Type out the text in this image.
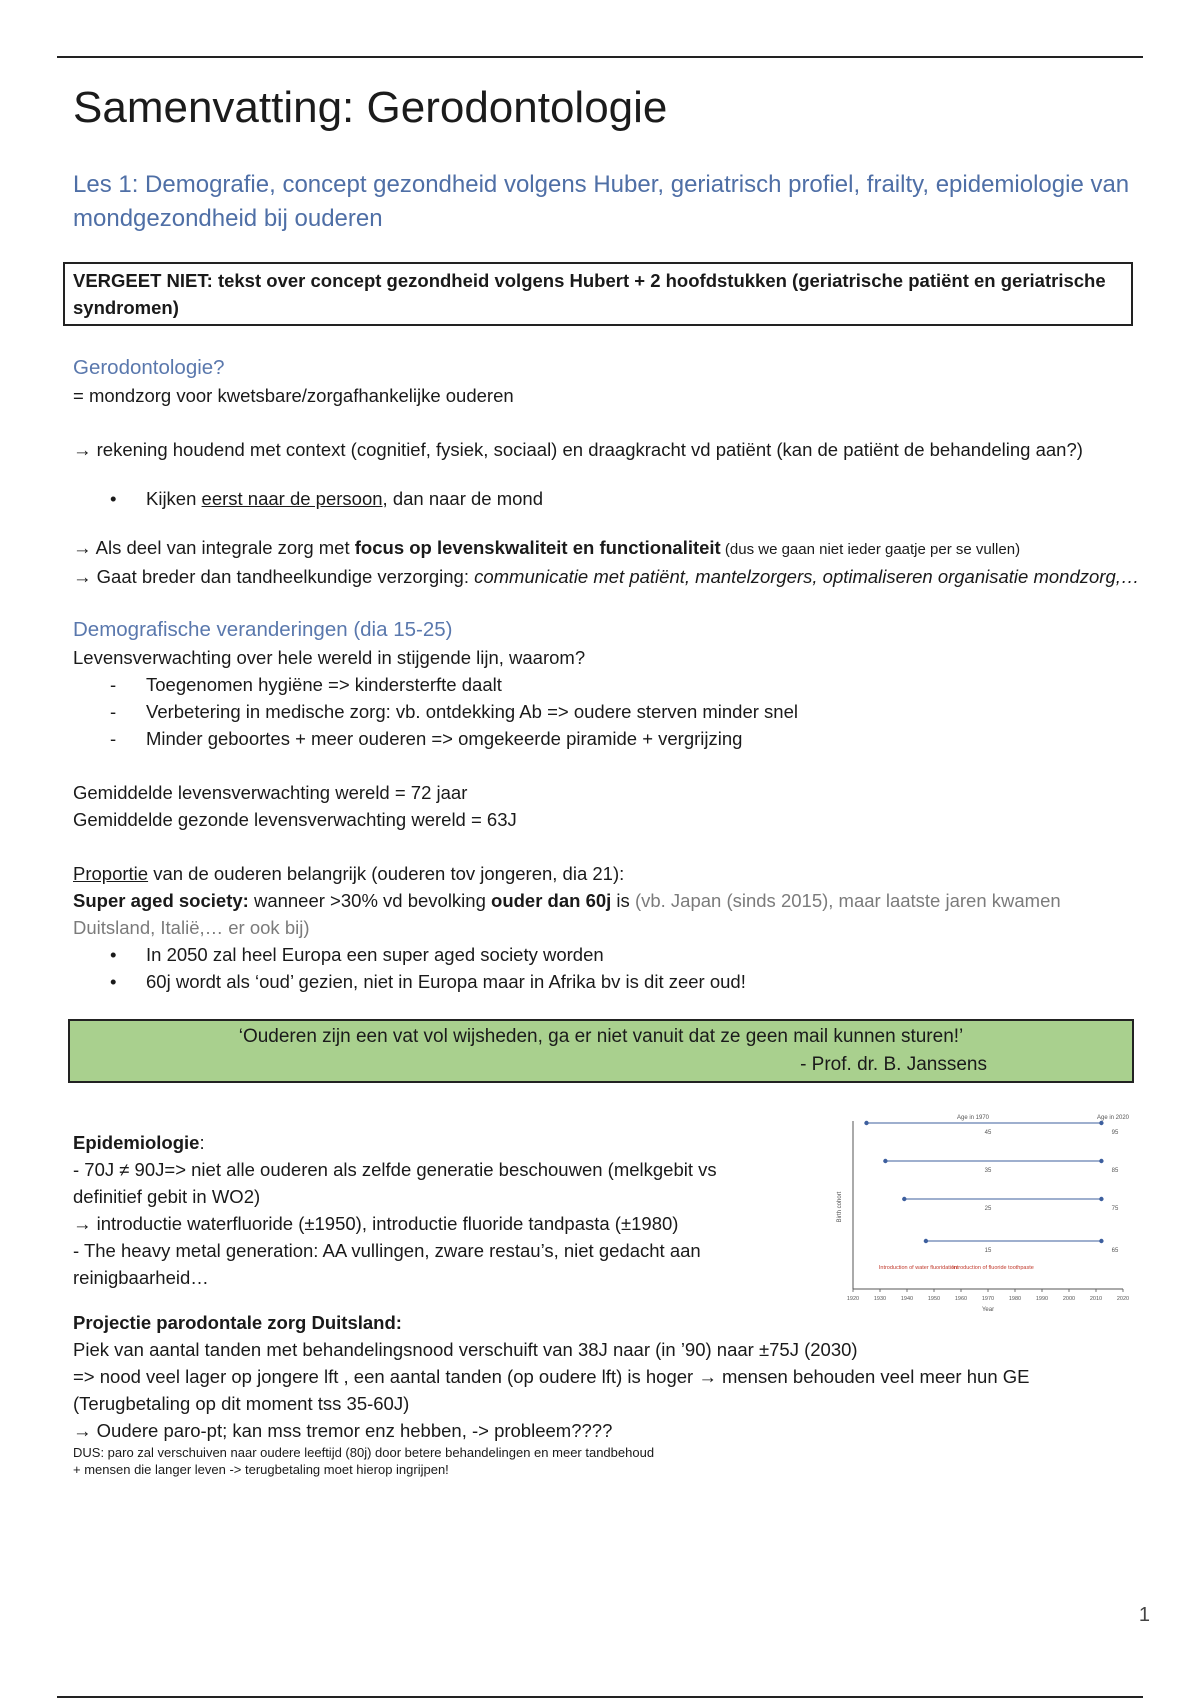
Samenvatting: Gerodontologie
Les 1: Demografie, concept gezondheid volgens Huber, geriatrisch profiel, frailty, epidemiologie van mondgezondheid bij ouderen
VERGEET NIET: tekst over concept gezondheid volgens Hubert + 2 hoofdstukken (geriatrische patiënt en geriatrische syndromen)
Gerodontologie?

= mondzorg voor kwetsbare/zorgafhankelijke ouderen

→ rekening houdend met context (cognitief, fysiek, sociaal) en draagkracht vd patiënt (kan de patiënt de behandeling aan?)

• Kijken eerst naar de persoon, dan naar de mond

→ Als deel van integrale zorg met focus op levenskwaliteit en functionaliteit (dus we gaan niet ieder gaatje per se vullen)

→ Gaat breder dan tandheelkundige verzorging: communicatie met patiënt, mantelzorgers, optimaliseren organisatie mondzorg,…

Demografische veranderingen (dia 15-25)

Levensverwachting over hele wereld in stijgende lijn, waarom?

- Toegenomen hygiëne => kindersterfte daalt
- Verbetering in medische zorg: vb. ontdekking Ab => oudere sterven minder snel
- Minder geboortes + meer ouderen => omgekeerde piramide + vergrijzing

Gemiddelde levensverwachting wereld = 72 jaar

Gemiddelde gezonde levensverwachting wereld = 63J

Proportie van de ouderen belangrijk (ouderen tov jongeren, dia 21):

Super aged society: wanneer >30% vd bevolking ouder dan 60j is (vb. Japan (sinds 2015), maar laatste jaren kwamen Duitsland, Italië,… er ook bij)

• In 2050 zal heel Europa een super aged society worden
• 60j wordt als ‘oud’ gezien, niet in Europa maar in Afrika bv is dit zeer oud!
‘Ouderen zijn een vat vol wijsheden, ga er niet vanuit dat ze geen mail kunnen sturen!’
- Prof. dr. B. Janssens

Epidemiologie:

- 70J ≠ 90J=> niet alle ouderen als zelfde generatie beschouwen (melkgebit vs definitief gebit in WO2)

→ introductie waterfluoride (±1950), introductie fluoride tandpasta (±1980)

- The heavy metal generation: AA vullingen, zware restau’s, niet gedacht aan reinigbaarheid…

Age in 1970	Age in 2020
Birth cohort
Year
Introduction of water fluoridation
Introduction of fluoride toothpaste
45	95
35	85
25	75
15	65
1920	1930	1940	1950	1960	1970	1980	1990	2000	2010	2020

Projectie parodontale zorg Duitsland:

Piek van aantal tanden met behandelingsnood verschuift van 38J naar (in ’90) naar ±75J (2030)

=> nood veel lager op jongere lft , een aantal tanden (op oudere lft) is hoger → mensen behouden veel meer hun GE (Terugbetaling op dit moment tss 35-60J)

→ Oudere paro-pt; kan mss tremor enz hebben, -> probleem????

DUS: paro zal verschuiven naar oudere leeftijd (80j) door betere behandelingen en meer tandbehoud

+ mensen die langer leven -> terugbetaling moet hierop ingrijpen!

1
